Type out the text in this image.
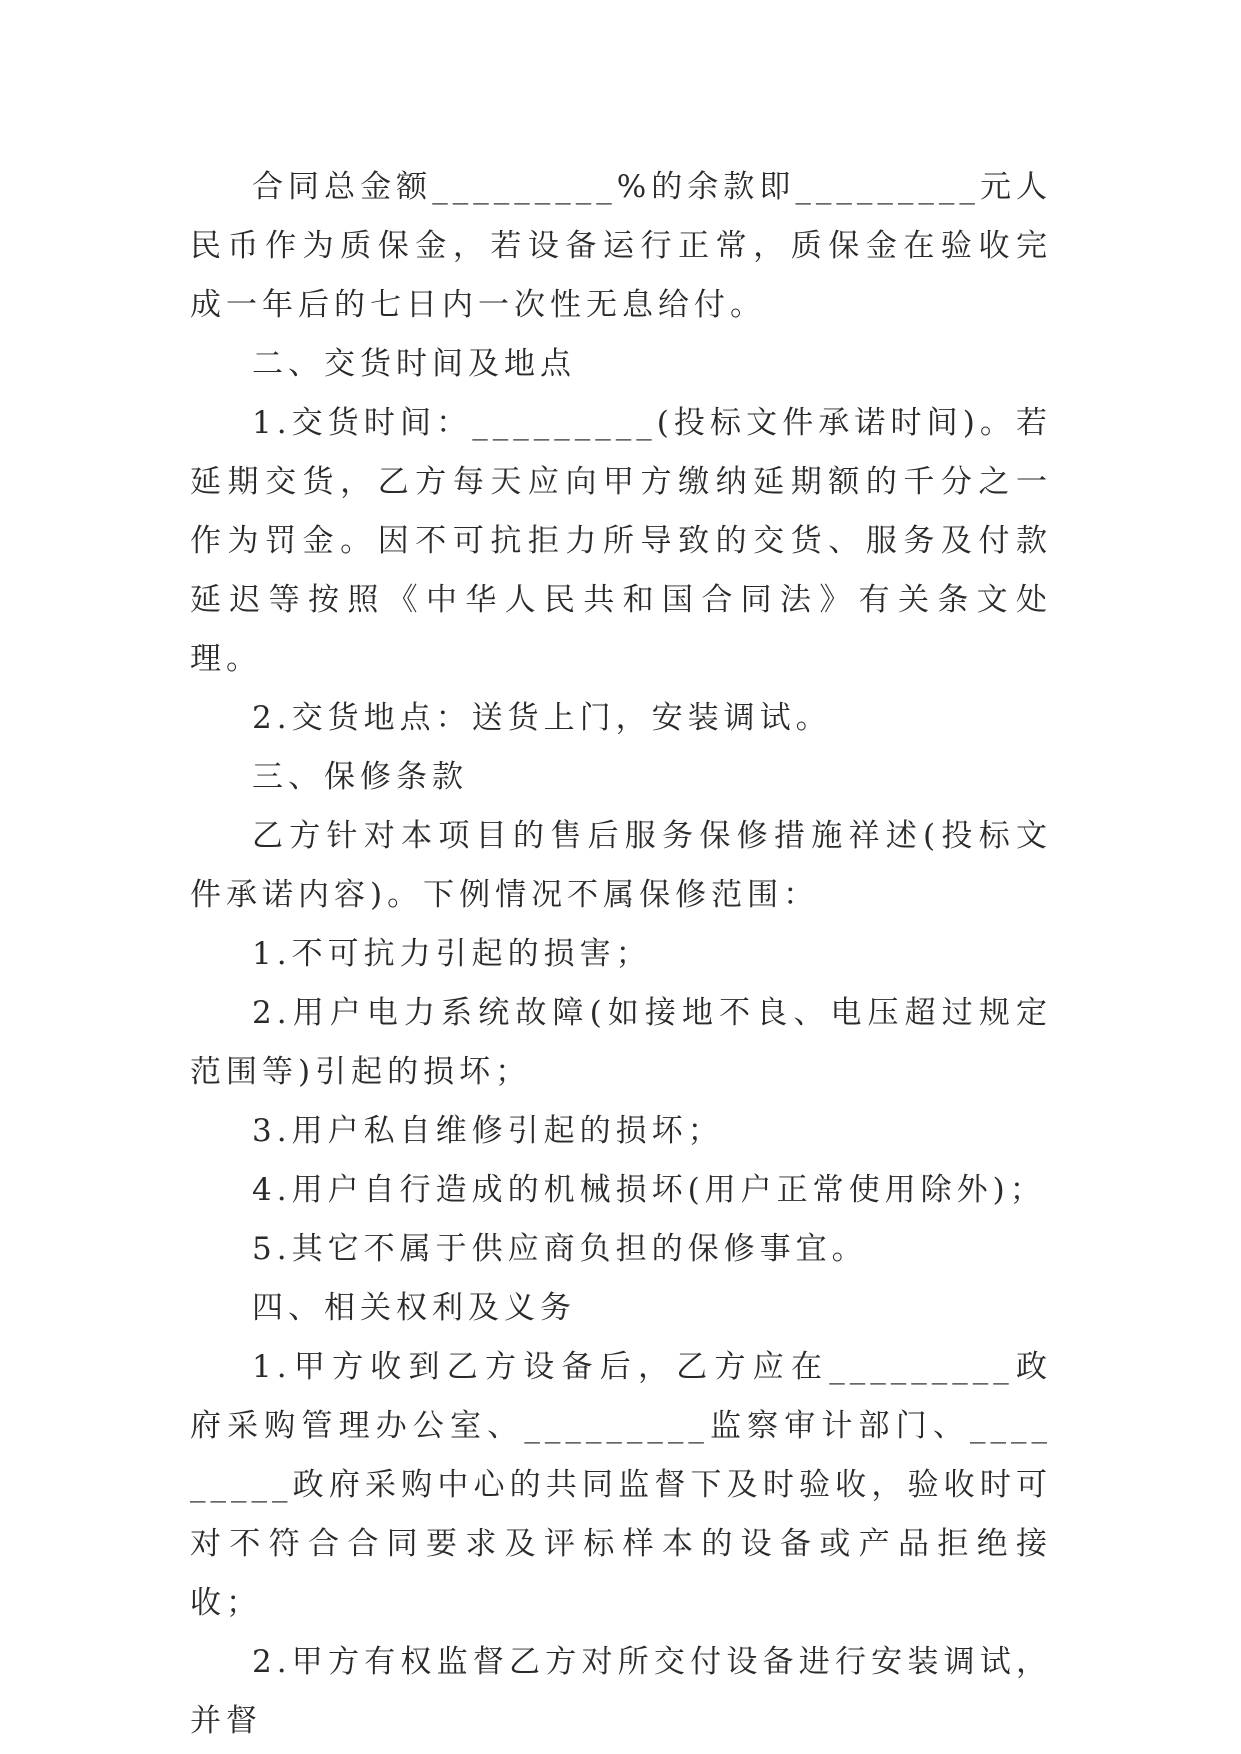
合同总金额_________%的余款即_________元人民币作为质保金，若设备运行正常，质保金在验收完成一年后的七日内一次性无息给付。

二、交货时间及地点

1.交货时间：_________(投标文件承诺时间)。若延期交货，乙方每天应向甲方缴纳延期额的千分之一作为罚金。因不可抗拒力所导致的交货、服务及付款延迟等按照《中华人民共和国合同法》有关条文处理。

2.交货地点：送货上门，安装调试。

三、保修条款

乙方针对本项目的售后服务保修措施祥述(投标文件承诺内容)。下例情况不属保修范围：

1.不可抗力引起的损害；

2.用户电力系统故障(如接地不良、电压超过规定范围等)引起的损坏；

3.用户私自维修引起的损坏；

4.用户自行造成的机械损坏(用户正常使用除外)；

5.其它不属于供应商负担的保修事宜。

四、相关权利及义务

1.甲方收到乙方设备后，乙方应在_________政府采购管理办公室、_________监察审计部门、_________政府采购中心的共同监督下及时验收，验收时可对不符合合同要求及评标样本的设备或产品拒绝接收；

2.甲方有权监督乙方对所交付设备进行安装调试，并督
